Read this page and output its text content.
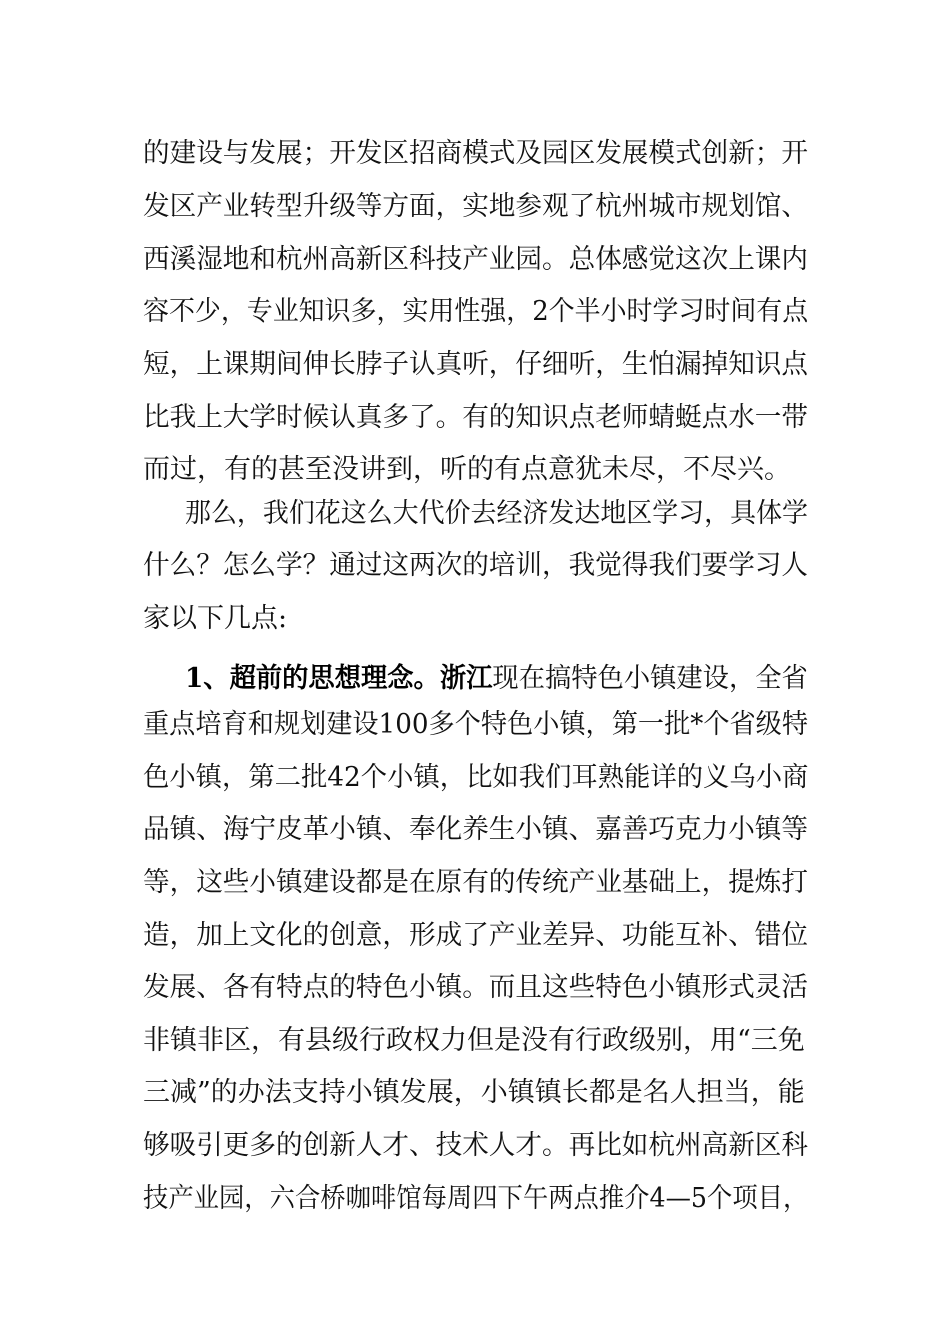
的建设与发展；开发区招商模式及园区发展模式创新；开
发区产业转型升级等方面，实地参观了杭州城市规划馆、
西溪湿地和杭州高新区科技产业园。总体感觉这次上课内
容不少，专业知识多，实用性强，2个半小时学习时间有点
短，上课期间伸长脖子认真听，仔细听，生怕漏掉知识点
比我上大学时候认真多了。有的知识点老师蜻蜓点水一带
而过，有的甚至没讲到，听的有点意犹未尽，不尽兴。
那么，我们花这么大代价去经济发达地区学习，具体学
什么？怎么学？通过这两次的培训，我觉得我们要学习人
家以下几点:
1、超前的思想理念。浙江现在搞特色小镇建设，全省
重点培育和规划建设100多个特色小镇，第一批*个省级特
色小镇，第二批42个小镇，比如我们耳熟能详的义乌小商
品镇、海宁皮革小镇、奉化养生小镇、嘉善巧克力小镇等
等，这些小镇建设都是在原有的传统产业基础上，提炼打
造，加上文化的创意，形成了产业差异、功能互补、错位
发展、各有特点的特色小镇。而且这些特色小镇形式灵活
非镇非区，有县级行政权力但是没有行政级别，用“三免
三减”的办法支持小镇发展，小镇镇长都是名人担当，能
够吸引更多的创新人才、技术人才。再比如杭州高新区科
技产业园，六合桥咖啡馆每周四下午两点推介4—5个项目，
